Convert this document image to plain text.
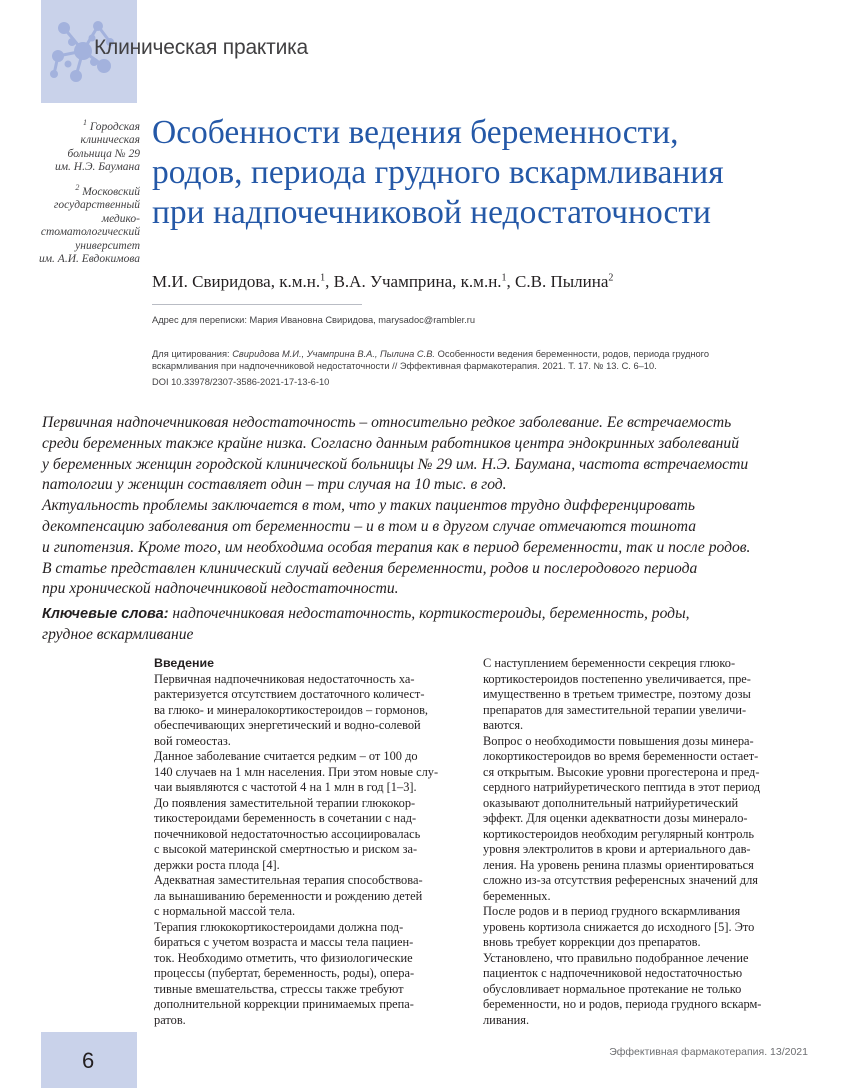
Клиническая практика
$^1$ Городская
клиническая
больница № 29
им. Н.Э. Баумана
$^2$ Московский
государственный
медико-
стоматологический
университет
им. А.И. Евдокимова
Особенности ведения беременности,
родов, периода грудного вскармливания
при надпочечниковой недостаточности
М.И. Свиридова, к.м.н.$^1$, В.А. Учамприна, к.м.н.$^1$, С.В. Пылина$^2$
Адрес для переписки: Мария Ивановна Свиридова, marysadoc@rambler.ru
Для цитирования: Свиридова М.И., Учамприна В.А., Пылина С.В. Особенности ведения беременности, родов, периода грудного
вскармливания при надпочечниковой недостаточности // Эффективная фармакотерапия. 2021. Т. 17. № 13. С. 6–10.
DOI 10.33978/2307-3586-2021-17-13-6-10

Первичная надпочечниковая недостаточность – относительно редкое заболевание. Ее встречаемость
среди беременных также крайне низка. Согласно данным работников центра эндокринных заболеваний
у беременных женщин городской клинической больницы № 29 им. Н.Э. Баумана, частота встречаемости
патологии у женщин составляет один – три случая на 10 тыс. в год.

Актуальность проблемы заключается в том, что у таких пациентов трудно дифференцировать
декомпенсацию заболевания от беременности – и в том и в другом случае отмечаются тошнота
и гипотензия. Кроме того, им необходима особая терапия как в период беременности, так и после родов.

В статье представлен клинический случай ведения беременности, родов и послеродового периода
при хронической надпочечниковой недостаточности.

Ключевые слова: надпочечниковая недостаточность, кортикостероиды, беременность, роды,
грудное вскармливание
Введение

Первичная надпочечниковая недостаточность ха-
рактеризуется отсутствием достаточного количест-
ва глюко- и минералокортикостероидов – гормонов,
обеспечивающих энергетический и водно-солевой
вой гомеостаз.

Данное заболевание считается редким – от 100 до
140 случаев на 1 млн населения. При этом новые слу-
чаи выявляются с частотой 4 на 1 млн в год [1–3].

До появления заместительной терапии глюкокор-
тикостероидами беременность в сочетании с над-
почечниковой недостаточностью ассоциировалась
с высокой материнской смертностью и риском за-
держки роста плода [4].

Адекватная заместительная терапия способствова-
ла вынашиванию беременности и рождению детей
с нормальной массой тела.

Терапия глюкокортикостероидами должна под-
бираться с учетом возраста и массы тела пациен-
ток. Необходимо отметить, что физиологические
процессы (пубертат, беременность, роды), опера-
тивные вмешательства, стрессы также требуют
дополнительной коррекции принимаемых препа-
ратов.

С наступлением беременности секреция глюко-
кортикостероидов постепенно увеличивается, пре-
имущественно в третьем триместре, поэтому дозы
препаратов для заместительной терапии увеличи-
ваются.

Вопрос о необходимости повышения дозы минера-
локортикостероидов во время беременности остает-
ся открытым. Высокие уровни прогестерона и пред-
сердного натрийуретического пептида в этот период
оказывают дополнительный натрийуретический
эффект. Для оценки адекватности дозы минерало-
кортикостероидов необходим регулярный контроль
уровня электролитов в крови и артериального дав-
ления. На уровень ренина плазмы ориентироваться
сложно из-за отсутствия референсных значений для
беременных.

После родов и в период грудного вскармливания
уровень кортизола снижается до исходного [5]. Это
вновь требует коррекции доз препаратов.

Установлено, что правильно подобранное лечение
пациенток с надпочечниковой недостаточностью
обусловливает нормальное протекание не только
беременности, но и родов, периода грудного вскарм-
ливания.

6	Эффективная фармакотерапия. 13/2021
